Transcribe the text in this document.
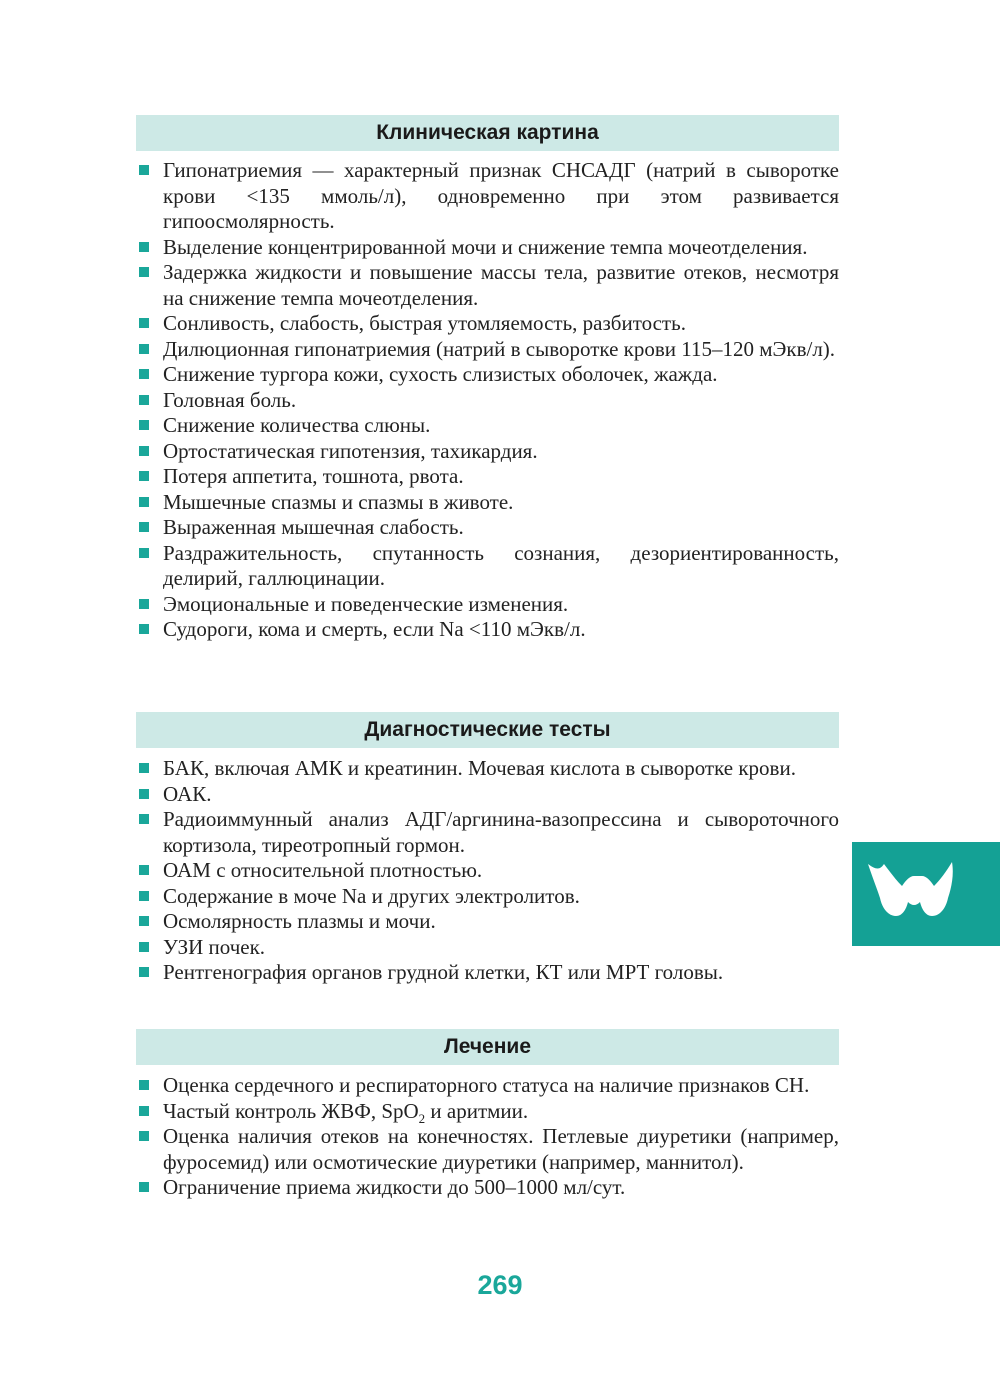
Клиническая картина
Гипонатриемия — характерный признак СНСАДГ (натрий в сыворотке крови <135 ммоль/л), одновременно при этом развивается гипоосмолярность.
Выделение концентрированной мочи и снижение темпа мочеотделения.
Задержка жидкости и повышение массы тела, развитие отеков, несмотря на снижение темпа мочеотделения.
Сонливость, слабость, быстрая утомляемость, разбитость.
Дилюционная гипонатриемия (натрий в сыворотке крови 115–120 мЭкв/л).
Снижение тургора кожи, сухость слизистых оболочек, жажда.
Головная боль.
Снижение количества слюны.
Ортостатическая гипотензия, тахикардия.
Потеря аппетита, тошнота, рвота.
Мышечные спазмы и спазмы в животе.
Выраженная мышечная слабость.
Раздражительность, спутанность сознания, дезориентированность, делирий, галлюцинации.
Эмоциональные и поведенческие изменения.
Судороги, кома и смерть, если Na <110 мЭкв/л.
Диагностические тесты
БАК, включая АМК и креатинин. Мочевая кислота в сыворотке крови.
ОАК.
Радиоиммунный анализ АДГ/аргинина-вазопрессина и сывороточного кортизола, тиреотропный гормон.
ОАМ с относительной плотностью.
Содержание в моче Na и других электролитов.
Осмолярность плазмы и мочи.
УЗИ почек.
Рентгенография органов грудной клетки, КТ или МРТ головы.
Лечение
Оценка сердечного и респираторного статуса на наличие признаков СН.
Частый контроль ЖВФ, SpO$_2$ и аритмии.
Оценка наличия отеков на конечностях. Петлевые диуретики (например, фуросемид) или осмотические диуретики (например, маннитол).
Ограничение приема жидкости до 500–1000 мл/сут.
269
